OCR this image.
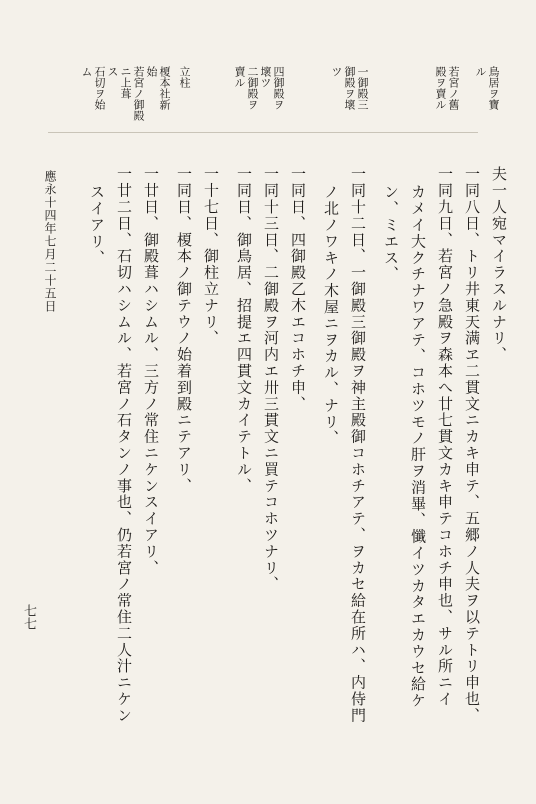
鳥居ヲ寶
ル
若宮ノ舊
殿ヲ賣ル
一御殿三
御殿ヲ壞
ツ
四御殿ヲ
壞ツ
二御殿ヲ
賣ル
立柱
榎本社新
始
若宮ノ御殿
ニ上葺
ス
石切ヲ始
ム
夫一人宛マイラスルナリ、
一同八日、トリ井東天满ヱ二貫文ニカキ申テ、五郷ノ人夫ヲ以テトリ申也、
一同九日、若宮ノ急殿ヲ森本へ廿七貫文カキ申テコホチ申也、サル所ニイ
カメイ大クチナワアテ、コホツモノ肝ヲ消畢、懺イツカタエカウセ給ケ
ン、ミエス、
一同十二日、一御殿三御殿ヲ神主殿御コホチアテ、ヲカセ給在所ハ、内侍門
ノ北ノワキノ木屋ニヲカル、ナリ、
一同日、四御殿乙木エコホチ申、
一同十三日、二御殿ヲ河内エ卅三貫文ニ買テコホツナリ、
一同日、御鳥居、招提エ四貫文カイテトル、
一十七日、御柱立ナリ、
一同日、榎本ノ御テウノ始着到殿ニテアリ、
一廿日、御殿葺ハシムル、三方ノ常住ニケンスイアリ、
一廿二日、石切ハシムル、若宮ノ石タンノ事也、仍若宮ノ常住二人汁ニケン
スイアリ、
應永十四年七月二十五日
七七
